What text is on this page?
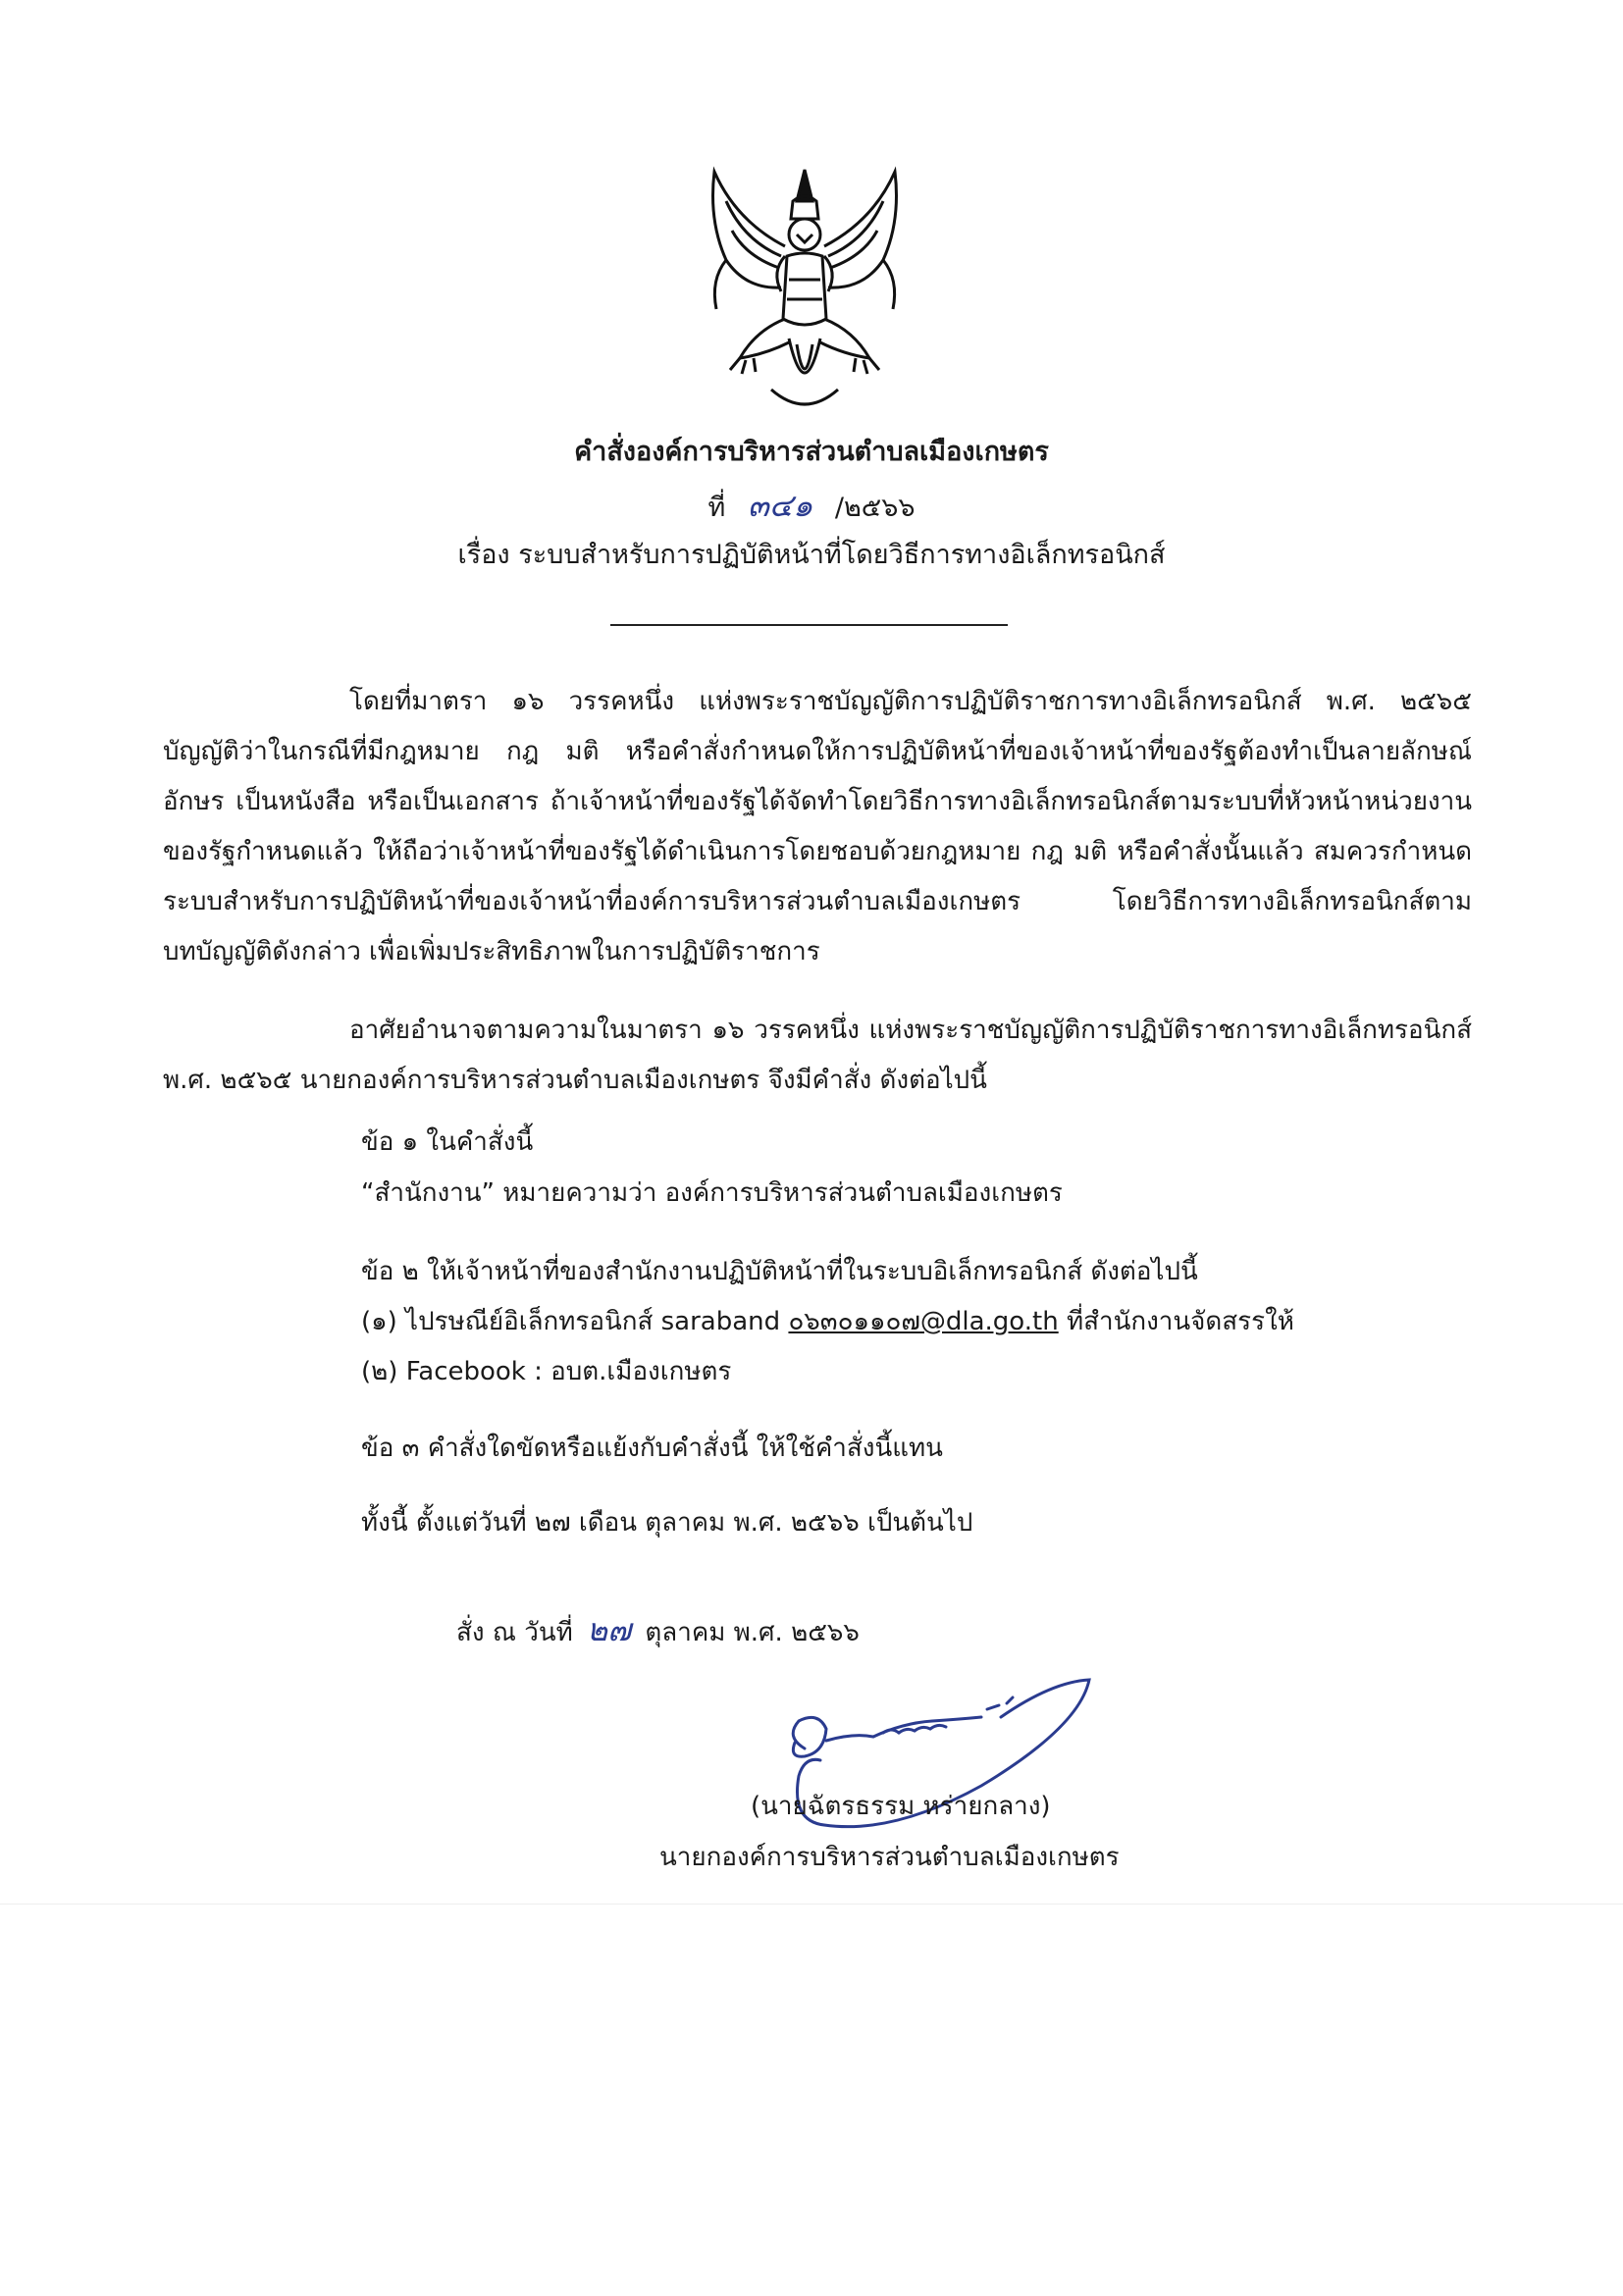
คำสั่งองค์การบริหารส่วนตำบลเมืองเกษตร
ที่ ๓๔๑ /๒๕๖๖
เรื่อง ระบบสำหรับการปฏิบัติหน้าที่โดยวิธีการทางอิเล็กทรอนิกส์

โดยที่มาตรา ๑๖ วรรคหนึ่ง แห่งพระราชบัญญัติการปฏิบัติราชการทางอิเล็กทรอนิกส์ พ.ศ. ๒๕๖๕ บัญญัติว่าในกรณีที่มีกฎหมาย กฎ มติ หรือคำสั่งกำหนดให้การปฏิบัติหน้าที่ของเจ้าหน้าที่ของรัฐต้องทำเป็นลายลักษณ์อักษร เป็นหนังสือ หรือเป็นเอกสาร ถ้าเจ้าหน้าที่ของรัฐได้จัดทำโดยวิธีการทางอิเล็กทรอนิกส์ตามระบบที่หัวหน้าหน่วยงานของรัฐกำหนดแล้ว ให้ถือว่าเจ้าหน้าที่ของรัฐได้ดำเนินการโดยชอบด้วยกฎหมาย กฎ มติ หรือคำสั่งนั้นแล้ว สมควรกำหนดระบบสำหรับการปฏิบัติหน้าที่ของเจ้าหน้าที่องค์การบริหารส่วนตำบลเมืองเกษตร โดยวิธีการทางอิเล็กทรอนิกส์ตามบทบัญญัติดังกล่าว เพื่อเพิ่มประสิทธิภาพในการปฏิบัติราชการ

อาศัยอำนาจตามความในมาตรา ๑๖ วรรคหนึ่ง แห่งพระราชบัญญัติการปฏิบัติราชการทางอิเล็กทรอนิกส์ พ.ศ. ๒๕๖๕ นายกองค์การบริหารส่วนตำบลเมืองเกษตร จึงมีคำสั่ง ดังต่อไปนี้

ข้อ ๑ ในคำสั่งนี้
“สำนักงาน” หมายความว่า องค์การบริหารส่วนตำบลเมืองเกษตร
ข้อ ๒ ให้เจ้าหน้าที่ของสำนักงานปฏิบัติหน้าที่ในระบบอิเล็กทรอนิกส์ ดังต่อไปนี้
(๑) ไปรษณีย์อิเล็กทรอนิกส์ saraband ๐๖๓๐๑๑๐๗@dla.go.th ที่สำนักงานจัดสรรให้
(๒) Facebook : อบต.เมืองเกษตร
ข้อ ๓ คำสั่งใดขัดหรือแย้งกับคำสั่งนี้ ให้ใช้คำสั่งนี้แทน
ทั้งนี้ ตั้งแต่วันที่ ๒๗ เดือน ตุลาคม พ.ศ. ๒๕๖๖ เป็นต้นไป
สั่ง ณ วันที่ ๒๗ ตุลาคม พ.ศ. ๒๕๖๖
(นายฉัตรธรรม หร่ายกลาง)
นายกองค์การบริหารส่วนตำบลเมืองเกษตร
